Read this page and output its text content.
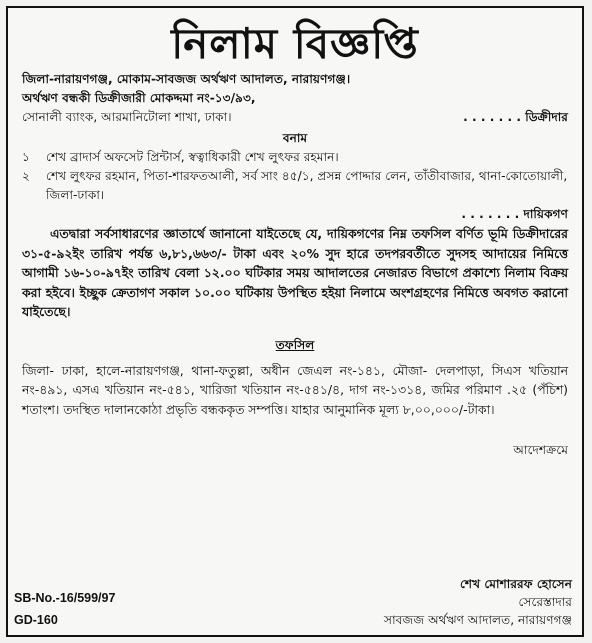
নিলাম বিজ্ঞপ্তি
জিলা-নারায়ণগঞ্জ, মোকাম-সাবজজ অর্থঋণ আদালত, নারায়ণগঞ্জ।
অর্থঋণ বন্ধকী ডিক্রীজারী মোকদ্দমা নং-১৩/৯৩,
সোনালী ব্যাংক, আরমানিটোলা শাখা, ঢাকা।	. . . . . . . ডিক্রীদার
বনাম
১	শেখ ব্রাদার্স অফসেট প্রিন্টার্স, স্বত্বাধিকারী শেখ লুৎফর রহমান।
২	শেখ লুৎফর রহমান, পিতা-শারফতআলী, সর্ব সাং ৪৫/১, প্রসন্ন পোদ্দার লেন, তাঁতীবাজার, থানা-কোতোয়ালী, জিলা-ঢাকা।
. . . . . . . দায়িকগণ
এতদ্বারা সর্বসাধারণের জ্ঞাতার্থে জানানো যাইতেছে যে, দায়িকগণের নিম্ন তফসিল বর্ণিত ভূমি ডিক্রীদারের ৩১-৫-৯২ইং তারিখ পর্যন্ত ৬,৮১,৬৬৩/- টাকা এবং ২০% সুদ হারে তদপরবর্তীতে সুদসহ আদায়ের নিমিত্তে আগামী ১৬-১০-৯৭ইং তারিখ বেলা ১২.০০ ঘটিকার সময় আদালতের নেজারত বিভাগে প্রকাশ্যে নিলাম বিক্রয় করা হইবে। ইচ্ছুক ক্রেতাগণ সকাল ১০.০০ ঘটিকায় উপস্থিত হইয়া নিলামে অংশগ্রহণের নিমিত্তে অবগত করানো যাইতেছে।
তফসিল
জিলা- ঢাকা, হালে-নারায়ণগঞ্জ, থানা-ফতুল্লা, অধীন জেএল নং-১৪১, মৌজা- দেলপাড়া, সিএস খতিয়ান নং-৪৯১, এসএ খতিয়ান নং-৫৪১, খারিজা খতিয়ান নং-৫৪১/৪, দাগ নং-১৩১৪, জমির পরিমাণ .২৫ (পঁচিশ) শতাংশ। তদস্থিত দালানকোঠা প্রভৃতি বন্ধককৃত সম্পত্তি। যাহার আনুমানিক মূল্য ৮,০০,০০০/-টাকা।
আদেশক্রমে
SB-No.-16/599/97
GD-160
শেখ মোশাররফ হোসেন
সেরেস্তাদার
সাবজজ অর্থঋণ আদালত, নারায়ণগঞ্জ
